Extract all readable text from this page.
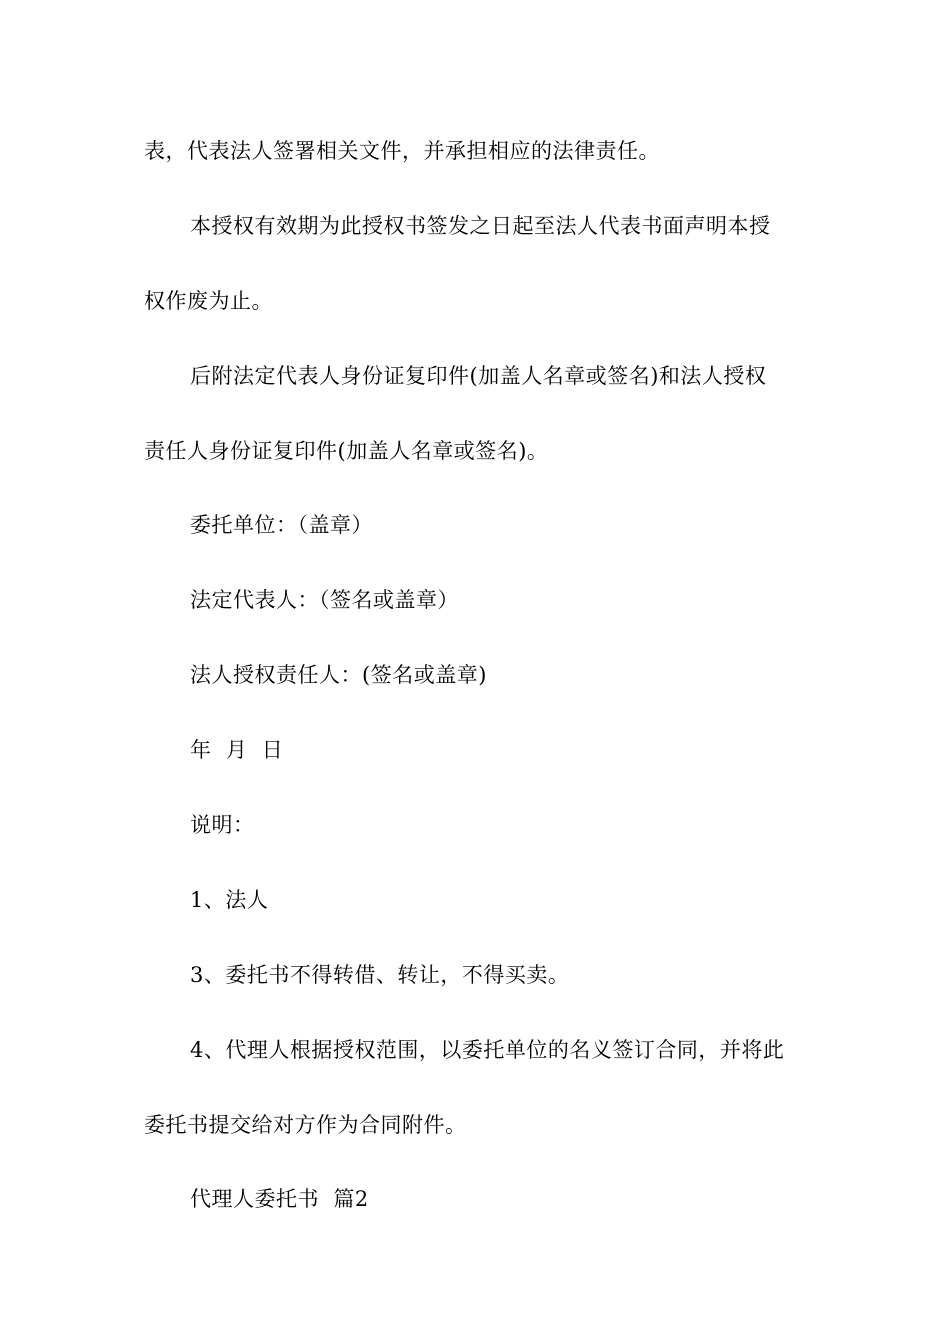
表，代表法人签署相关文件，并承担相应的法律责任。
本授权有效期为此授权书签发之日起至法人代表书面声明本授
权作废为止。
后附法定代表人身份证复印件(加盖人名章或签名)和法人授权
责任人身份证复印件(加盖人名章或签名)。
委托单位：（盖章）
法定代表人：（签名或盖章）
法人授权责任人：(签名或盖章)
年  月  日
说明：
1、法人
3、委托书不得转借、转让，不得买卖。
4、代理人根据授权范围，以委托单位的名义签订合同，并将此
委托书提交给对方作为合同附件。
代理人委托书  篇2
